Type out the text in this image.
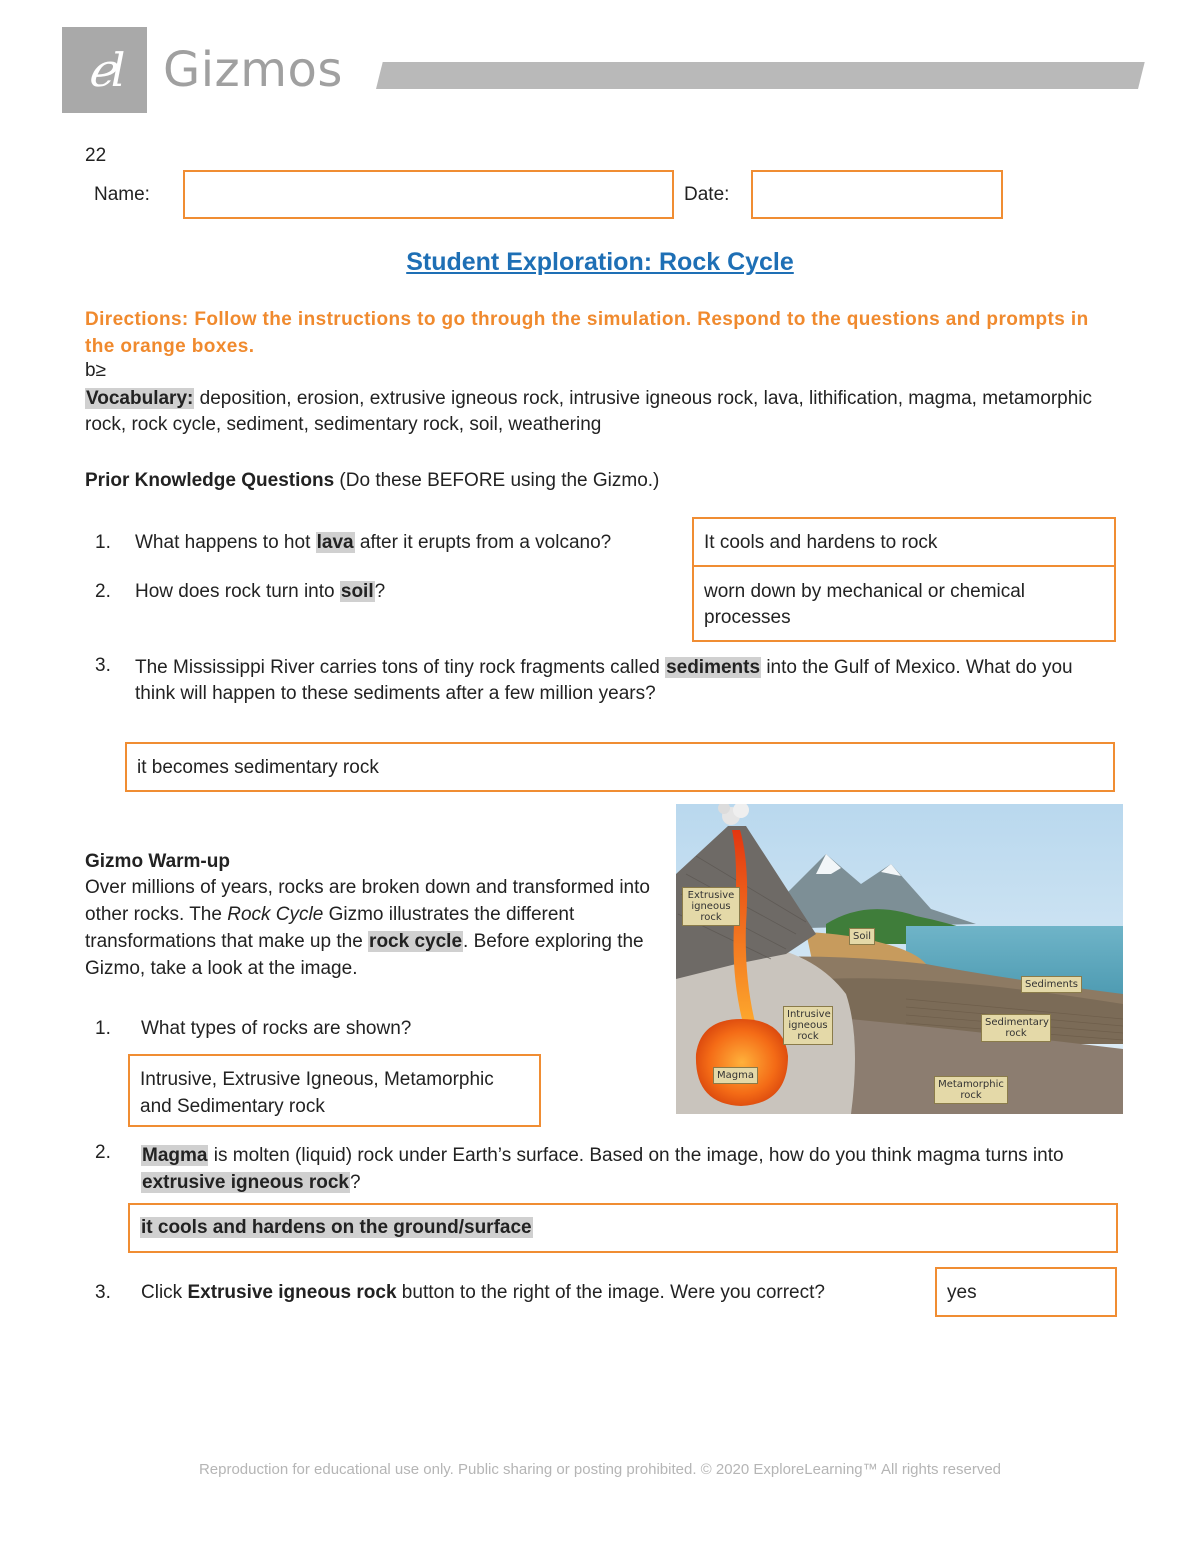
ℯl Gizmos
22
Name:	Date:
Student Exploration: Rock Cycle
Directions: Follow the instructions to go through the simulation. Respond to the questions and prompts in the orange boxes.
b≥
Vocabulary: deposition, erosion, extrusive igneous rock, intrusive igneous rock, lava, lithification, magma, metamorphic rock, rock cycle, sediment, sedimentary rock, soil, weathering
Prior Knowledge Questions (Do these BEFORE using the Gizmo.)
1. What happens to hot lava after it erupts from a volcano?	It cools and hardens to rock
2. How does rock turn into soil?	worn down by mechanical or chemical processes
3. The Mississippi River carries tons of tiny rock fragments called sediments into the Gulf of Mexico. What do you think will happen to these sediments after a few million years?
it becomes sedimentary rock
Gizmo Warm-up
Over millions of years, rocks are broken down and transformed into other rocks. The Rock Cycle Gizmo illustrates the different transformations that make up the rock cycle. Before exploring the Gizmo, take a look at the image.
Extrusive igneous rock
Soil
Sediments
Intrusive igneous rock
Sedimentary rock
Magma
Metamorphic rock
1. What types of rocks are shown?
Intrusive, Extrusive Igneous, Metamorphic and Sedimentary rock
2. Magma is molten (liquid) rock under Earth’s surface. Based on the image, how do you think magma turns into extrusive igneous rock?
it cools and hardens on the ground/surface
3. Click Extrusive igneous rock button to the right of the image. Were you correct?	yes
Reproduction for educational use only. Public sharing or posting prohibited. © 2020 ExploreLearning™ All rights reserved
